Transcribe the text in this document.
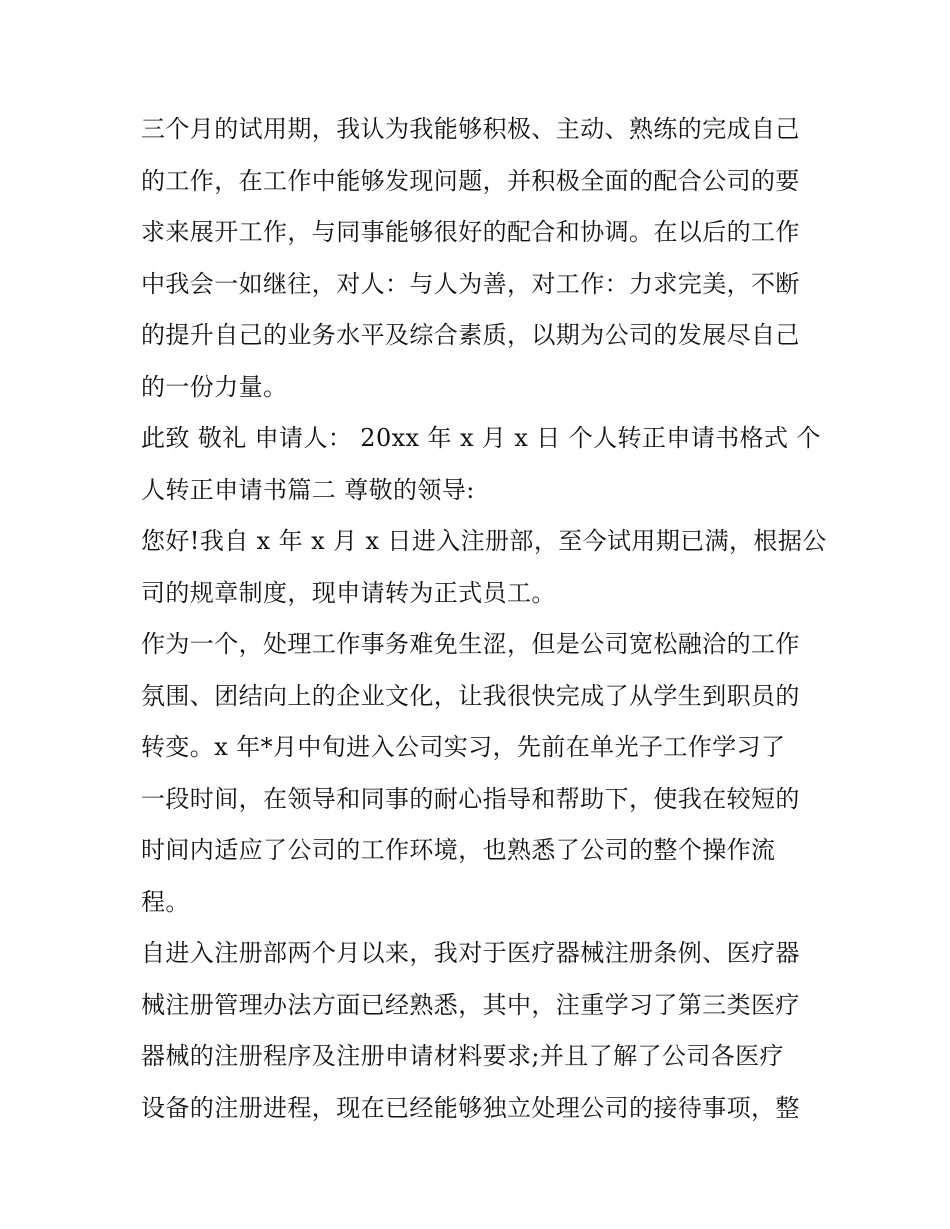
三个月的试用期，我认为我能够积极、主动、熟练的完成自己
的工作，在工作中能够发现问题，并积极全面的配合公司的要
求来展开工作，与同事能够很好的配合和协调。在以后的工作
中我会一如继往，对人：与人为善，对工作：力求完美，不断
的提升自己的业务水平及综合素质，以期为公司的发展尽自己
的一份力量。
此致 敬礼 申请人： 20xx 年 x 月 x 日 个人转正申请书格式 个
人转正申请书篇二 尊敬的领导:
您好!我自 x 年 x 月 x 日进入注册部，至今试用期已满，根据公
司的规章制度，现申请转为正式员工。
作为一个，处理工作事务难免生涩，但是公司宽松融洽的工作
氛围、团结向上的企业文化，让我很快完成了从学生到职员的
转变。x 年*月中旬进入公司实习，先前在单光子工作学习了
一段时间，在领导和同事的耐心指导和帮助下，使我在较短的
时间内适应了公司的工作环境，也熟悉了公司的整个操作流
程。
自进入注册部两个月以来，我对于医疗器械注册条例、医疗器
械注册管理办法方面已经熟悉，其中，注重学习了第三类医疗
器械的注册程序及注册申请材料要求;并且了解了公司各医疗
设备的注册进程，现在已经能够独立处理公司的接待事项，整
